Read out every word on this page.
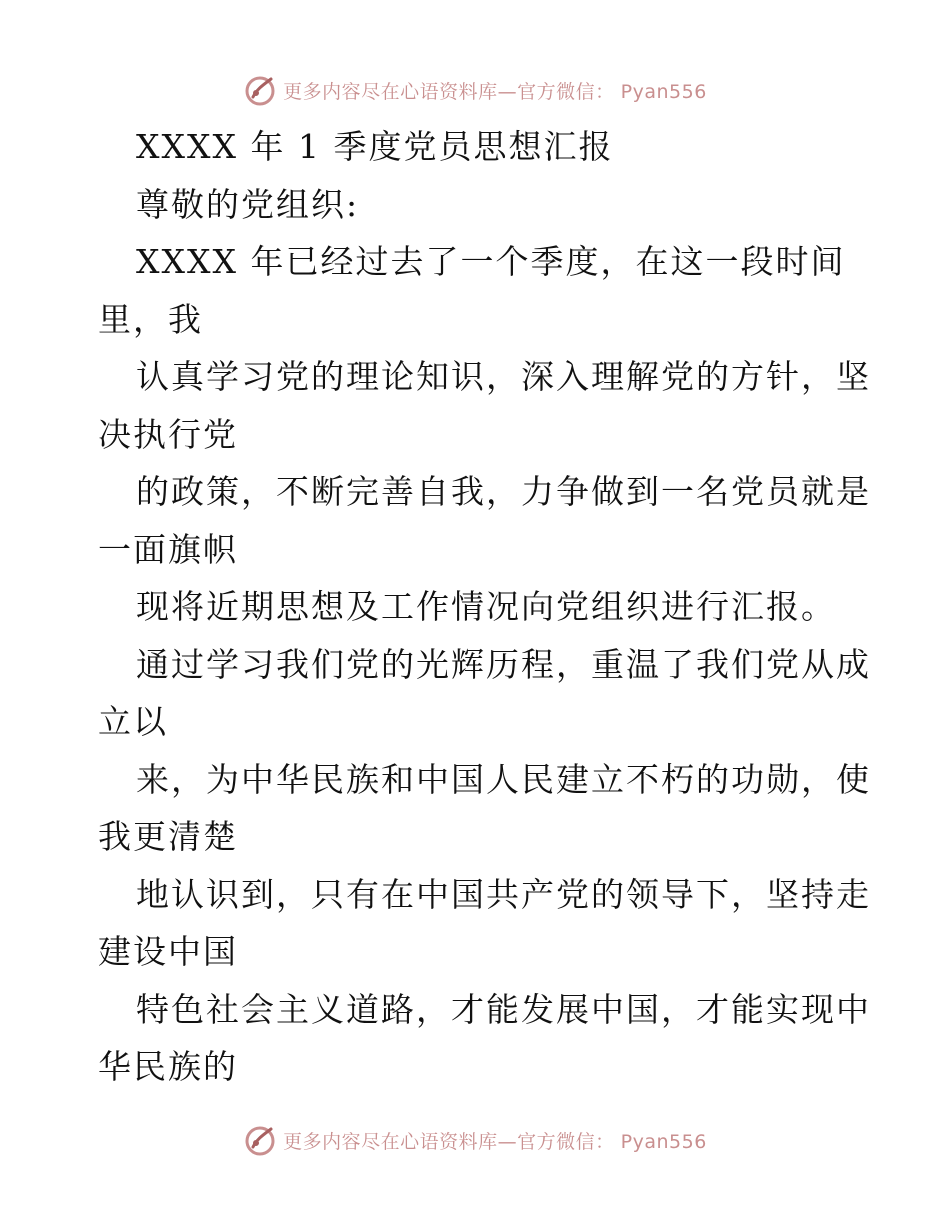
更多内容尽在心语资料库—官方微信： Pyan556
XXXX 年 1 季度党员思想汇报
尊敬的党组织:
XXXX 年已经过去了一个季度，在这一段时间
里，我
认真学习党的理论知识，深入理解党的方针，坚
决执行党
的政策，不断完善自我，力争做到一名党员就是
一面旗帜
现将近期思想及工作情况向党组织进行汇报。
通过学习我们党的光辉历程，重温了我们党从成
立以
来，为中华民族和中国人民建立不朽的功勋，使
我更清楚
地认识到，只有在中国共产党的领导下，坚持走
建设中国
特色社会主义道路，才能发展中国，才能实现中
华民族的
更多内容尽在心语资料库—官方微信： Pyan556
